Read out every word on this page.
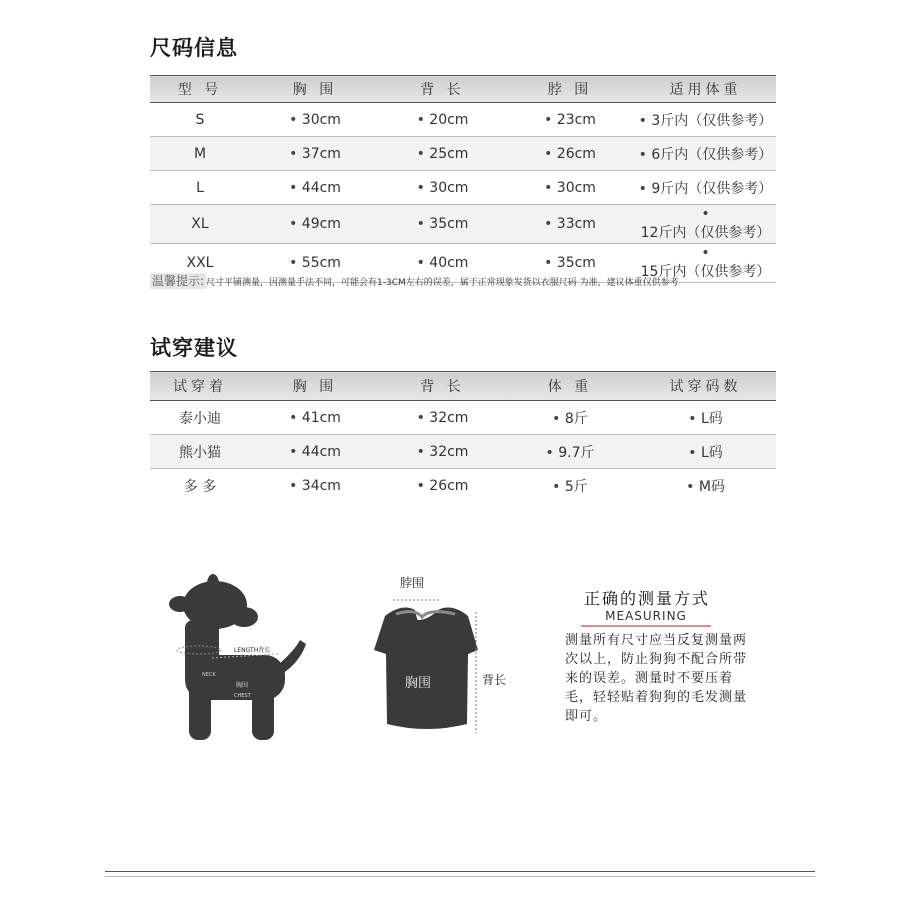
尺码信息
型 号	胸 围	背 长	脖 围	适用体重
S	• 30cm	• 20cm	• 23cm	• 3斤内（仅供参考）
M	• 37cm	• 25cm	• 26cm	• 6斤内（仅供参考）
L	• 44cm	• 30cm	• 30cm	• 9斤内（仅供参考）
XL	• 49cm	• 35cm	• 33cm	• 12斤内（仅供参考）
XXL	• 55cm	• 40cm	• 35cm	• 15斤内（仅供参考）
温馨提示: 尺寸平铺测量，因测量手法不同，可能会有1-3CM左右的误差，属于正常现象发货以衣服尺码 为准，建议体重仅供参考
试穿建议
试穿着	胸 围	背 长	体 重	试穿码数
泰小迪	• 41cm	• 32cm	• 8斤	• L码
熊小猫	• 44cm	• 32cm	• 9.7斤	• L码
多 多	• 34cm	• 26cm	• 5斤	• M码
LENGTH背长
NECK
胸围
CHEST
脖围
胸围	背长
正确的测量方式
MEASURING

测量所有尺寸应当反复测量两次以上，防止狗狗不配合所带来的误差。测量时不要压着毛，轻轻贴着狗狗的毛发测量即可。
